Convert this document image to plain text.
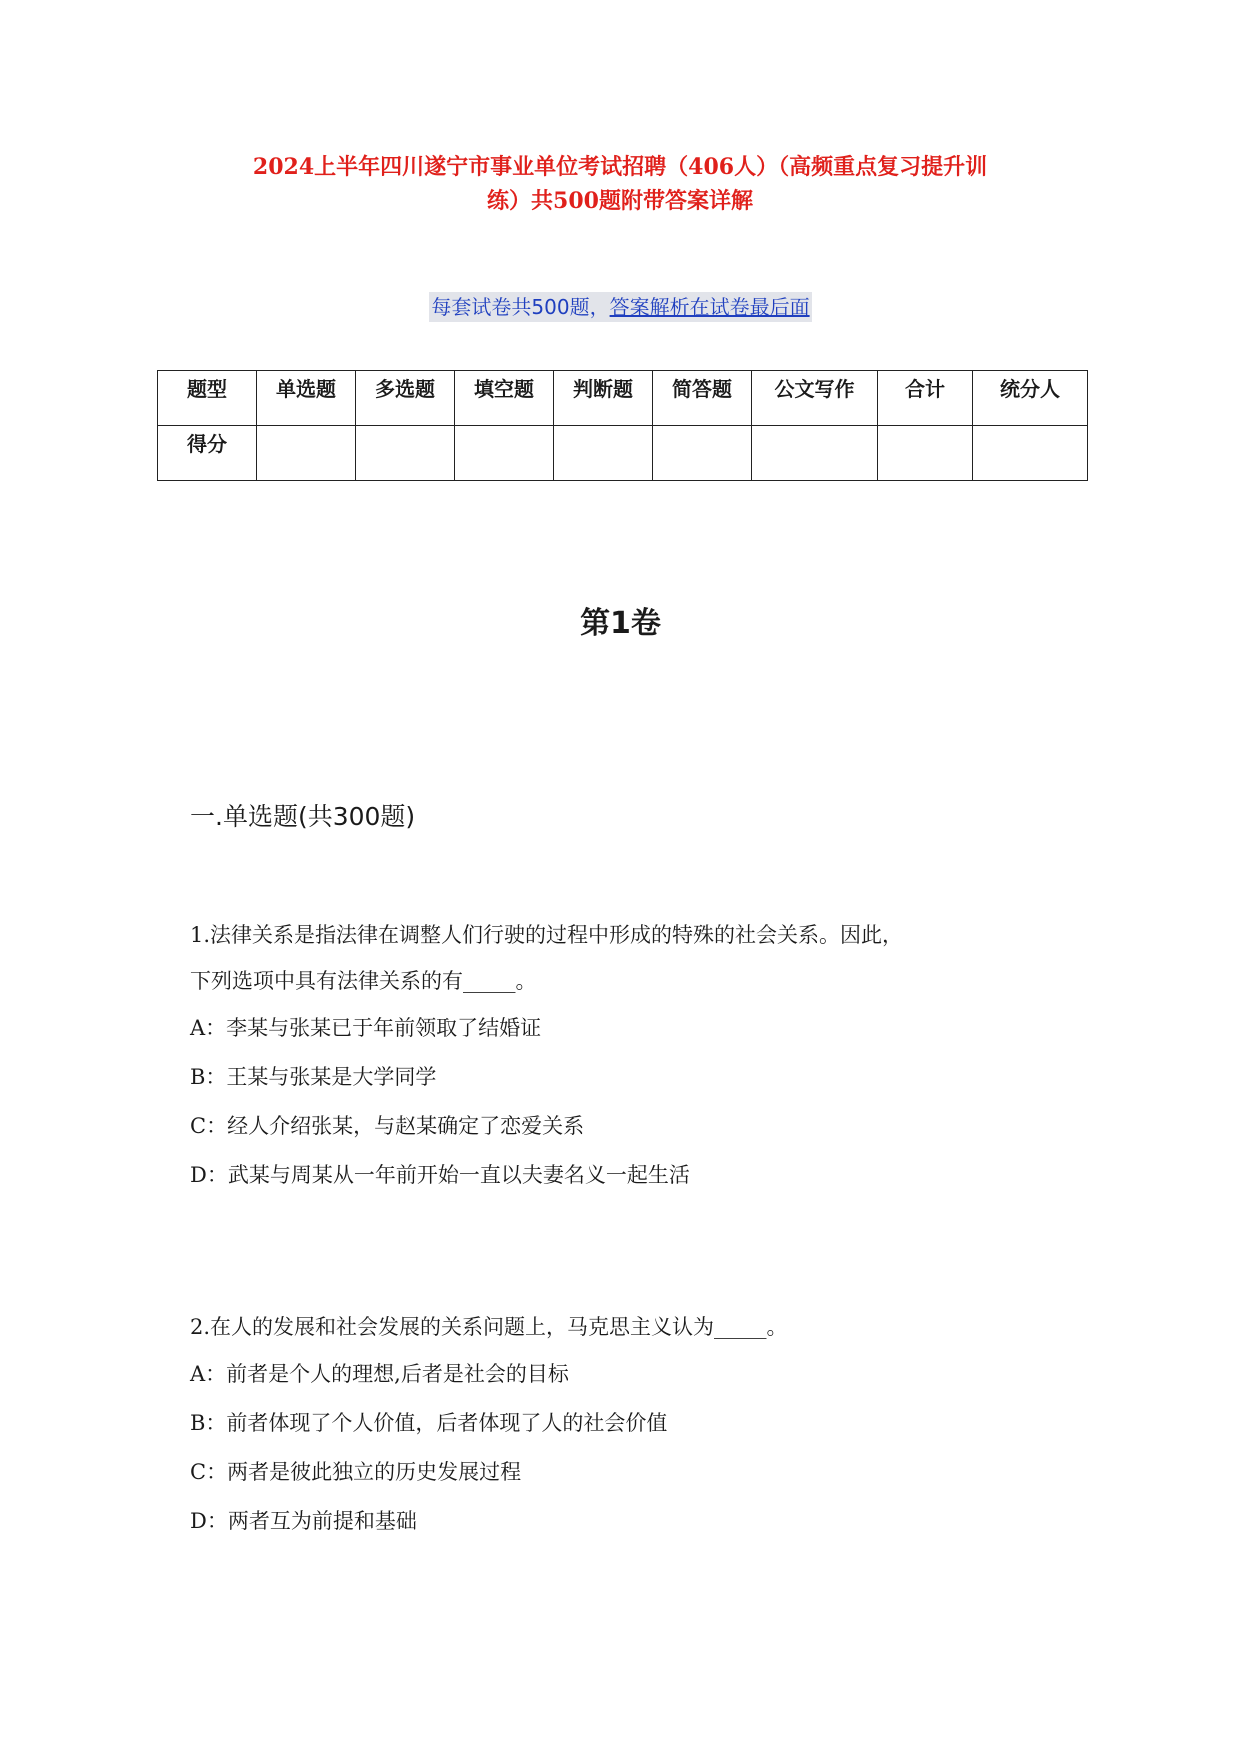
2024上半年四川遂宁市事业单位考试招聘（406人）（高频重点复习提升训
练）共500题附带答案详解
每套试卷共500题，答案解析在试卷最后面
题型	单选题	多选题	填空题	判断题	简答题	公文写作	合计	统分人
得分								
第1卷
一.单选题(共300题)
1.法律关系是指法律在调整人们行驶的过程中形成的特殊的社会关系。因此，
下列选项中具有法律关系的有_____。
A：李某与张某已于年前领取了结婚证
B：王某与张某是大学同学
C：经人介绍张某，与赵某确定了恋爱关系
D：武某与周某从一年前开始一直以夫妻名义一起生活
2.在人的发展和社会发展的关系问题上，马克思主义认为_____。
A：前者是个人的理想,后者是社会的目标
B：前者体现了个人价值，后者体现了人的社会价值
C：两者是彼此独立的历史发展过程
D：两者互为前提和基础
